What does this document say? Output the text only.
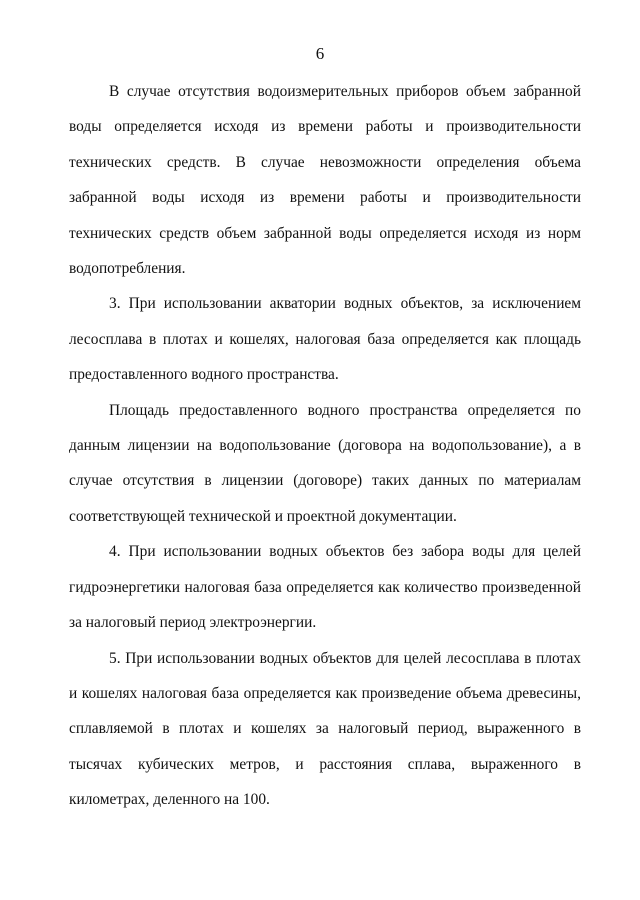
6
В случае отсутствия водоизмерительных приборов объем забранной
воды определяется исходя из времени работы и производительности
технических средств. В случае невозможности определения объема
забранной воды исходя из времени работы и производительности
технических средств объем забранной воды определяется исходя из норм
водопотребления.
3. При использовании акватории водных объектов, за исключением
лесосплава в плотах и кошелях, налоговая база определяется как площадь
предоставленного водного пространства.
Площадь предоставленного водного пространства определяется по
данным лицензии на водопользование (договора на водопользование), а в
случае отсутствия в лицензии (договоре) таких данных по материалам
соответствующей технической и проектной документации.
4. При использовании водных объектов без забора воды для целей
гидроэнергетики налоговая база определяется как количество произведенной
за налоговый период электроэнергии.
5. При использовании водных объектов для целей лесосплава в плотах
и кошелях налоговая база определяется как произведение объема древесины,
сплавляемой в плотах и кошелях за налоговый период, выраженного в
тысячах кубических метров, и расстояния сплава, выраженного в
километрах, деленного на 100.
